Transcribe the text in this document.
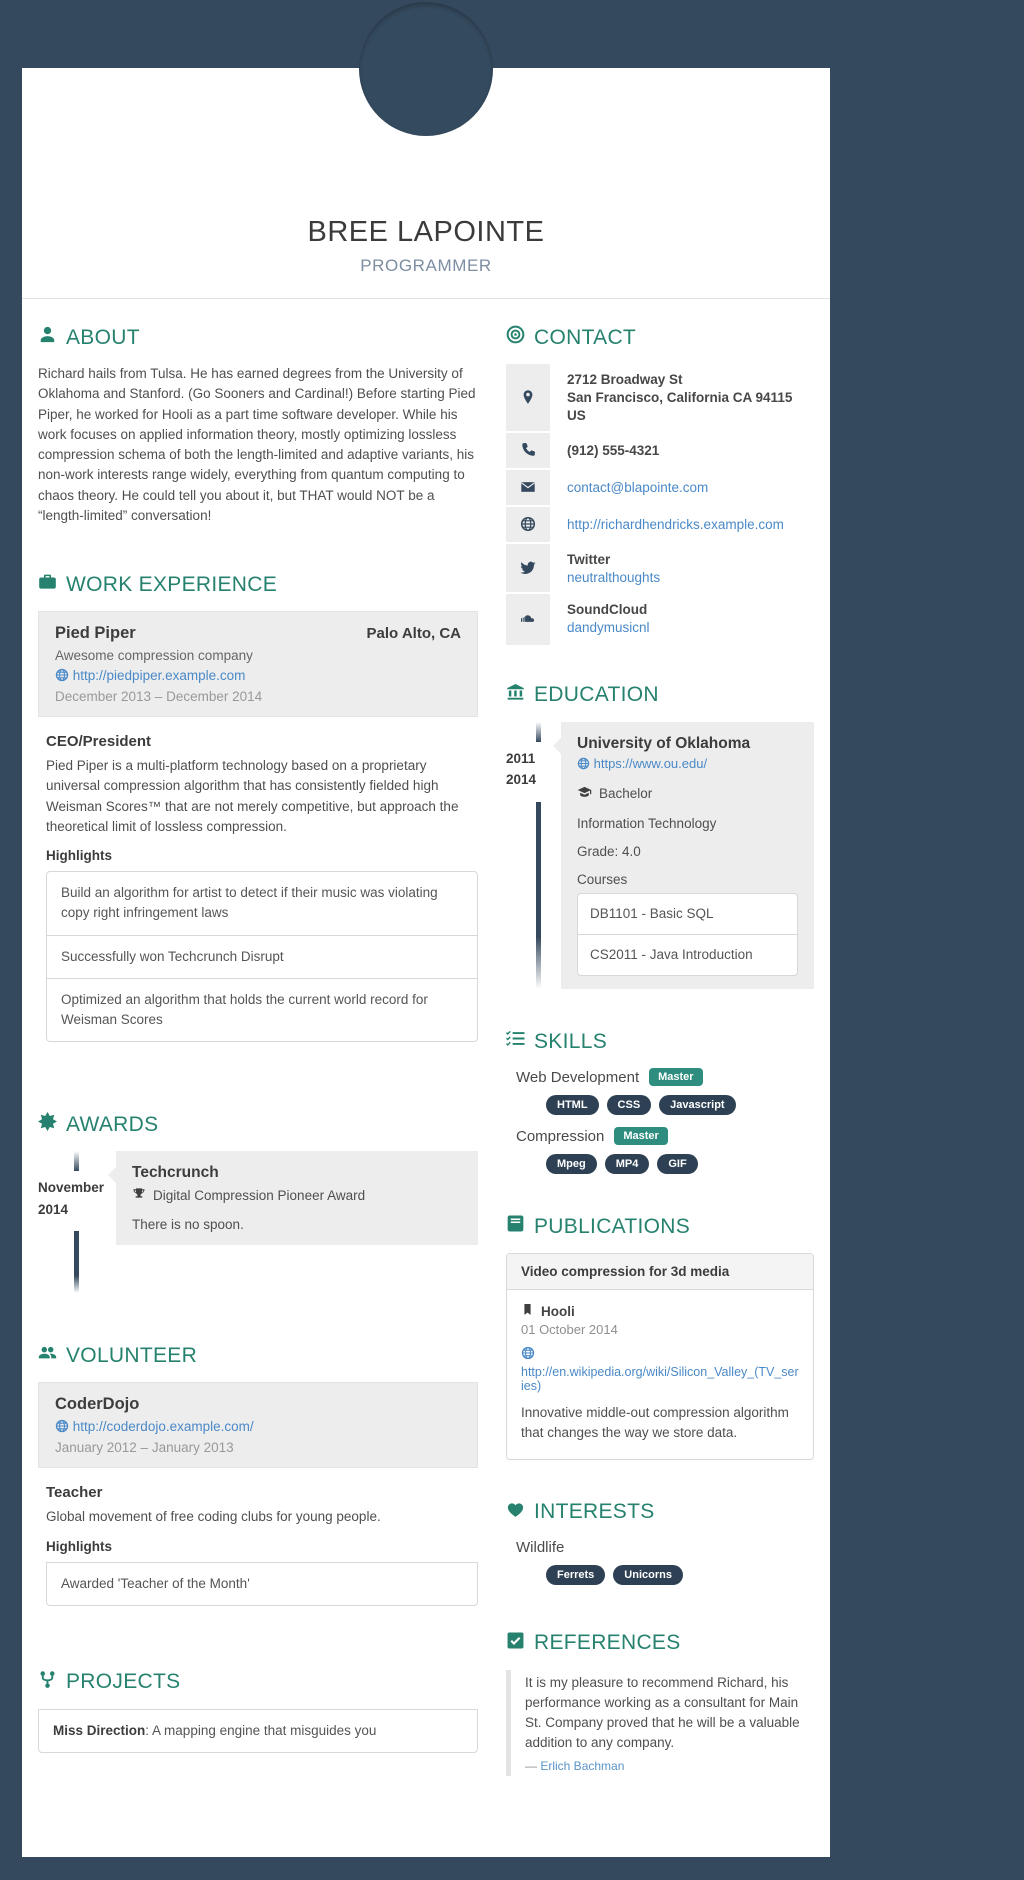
BREE LAPOINTE
PROGRAMMER
ABOUT

Richard hails from Tulsa. He has earned degrees from the University of Oklahoma and Stanford. (Go Sooners and Cardinal!) Before starting Pied Piper, he worked for Hooli as a part time software developer. While his work focuses on applied information theory, mostly optimizing lossless compression schema of both the length-limited and adaptive variants, his non-work interests range widely, everything from quantum computing to chaos theory. He could tell you about it, but THAT would NOT be a “length-limited” conversation!

WORK EXPERIENCE
Pied Piper	Palo Alto, CA
Awesome compression company
http://piedpiper.example.com
December 2013 – December 2014
CEO/President

Pied Piper is a multi-platform technology based on a proprietary universal compression algorithm that has consistently fielded high Weisman Scores™ that are not merely competitive, but approach the theoretical limit of lossless compression.

Highlights
Build an algorithm for artist to detect if their music was violating copy right infringement laws
Successfully won Techcrunch Disrupt
Optimized an algorithm that holds the current world record for Weisman Scores
AWARDS
November
2014
Techcrunch
Digital Compression Pioneer Award
There is no spoon.
VOLUNTEER
CoderDojo
http://coderdojo.example.com/
January 2012 – January 2013
Teacher

Global movement of free coding clubs for young people.

Highlights
Awarded 'Teacher of the Month'
PROJECTS
Miss Direction: A mapping engine that misguides you
CONTACT
2712 Broadway St
San Francisco, California CA 94115 US
(912) 555-4321
contact@blapointe.com
http://richardhendricks.example.com
Twitter
neutralthoughts
SoundCloud
dandymusicnl
EDUCATION
2011
2014
University of Oklahoma
https://www.ou.edu/
Bachelor
Information Technology
Grade: 4.0
Courses
DB1101 - Basic SQL
CS2011 - Java Introduction
SKILLS
Web Development	Master
HTML	CSS	Javascript
Compression	Master
Mpeg	MP4	GIF
PUBLICATIONS
Video compression for 3d media
Hooli
01 October 2014
http://en.wikipedia.org/wiki/Silicon_Valley_(TV_series)

Innovative middle-out compression algorithm that changes the way we store data.

INTERESTS
Wildlife
Ferrets	Unicorns
REFERENCES

It is my pleasure to recommend Richard, his performance working as a consultant for Main St. Company proved that he will be a valuable addition to any company.

— Erlich Bachman
